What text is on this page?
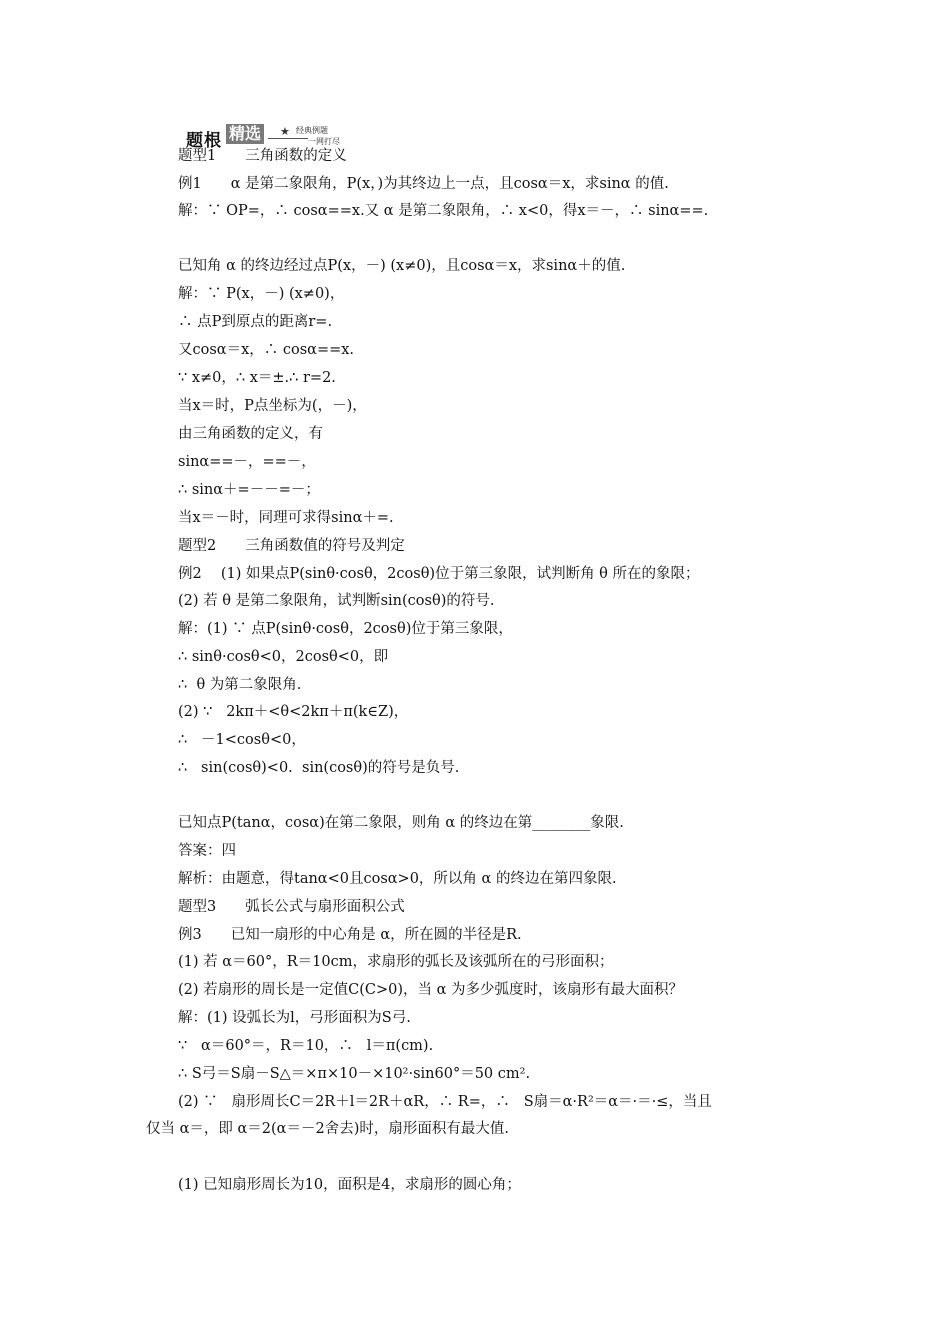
题根 精选 ★ 经典例题
一网打尽
题型1　　三角函数的定义
例1　　α 是第二象限角，P(x，)为其终边上一点，且cosα＝x，求sinα 的值.
解：∵ OP=，∴ cosα==x.又 α 是第二象限角，∴ x<0，得x＝－，∴ sinα==.
已知角 α 的终边经过点P(x，－) (x≠0)，且cosα＝x，求sinα＋的值.
解：∵ P(x，－) (x≠0)，
∴ 点P到原点的距离r=.
又cosα＝x，∴ cosα==x.
∵ x≠0，∴ x＝±.∴ r=2.
当x＝时，P点坐标为(，－)，
由三角函数的定义，有
sinα==－，==－，
∴ sinα＋=－－=－；
当x＝－时，同理可求得sinα＋=.
题型2　　三角函数值的符号及判定
例2　 (1) 如果点P(sinθ·cosθ，2cosθ)位于第三象限，试判断角 θ 所在的象限；
(2) 若 θ 是第二象限角，试判断sin(cosθ)的符号.
解：(1) ∵ 点P(sinθ·cosθ，2cosθ)位于第三象限，
∴ sinθ·cosθ<0，2cosθ<0，即
∴  θ 为第二象限角.
(2) ∵   2kπ＋<θ<2kπ＋π(k∈Z)，
∴   －1<cosθ<0，
∴   sin(cosθ)<0.  sin(cosθ)的符号是负号.
已知点P(tanα，cosα)在第二象限，则角 α 的终边在第________象限.
答案：四
解析：由题意，得tanα<0且cosα>0，所以角 α 的终边在第四象限.
题型3　　弧长公式与扇形面积公式
例3　　已知一扇形的中心角是 α，所在圆的半径是R.
(1) 若 α＝60°，R＝10cm，求扇形的弧长及该弧所在的弓形面积；
(2) 若扇形的周长是一定值C(C>0)，当 α 为多少弧度时，该扇形有最大面积？
解：(1) 设弧长为l，弓形面积为S弓.
∵   α＝60°＝，R＝10，∴   l＝π(cm).
∴ S弓＝S扇－S△＝×π×10－×10²·sin60°＝50 cm².
(2) ∵   扇形周长C＝2R＋l＝2R＋αR，∴ R=，∴   S扇＝α·R²＝α＝·＝·≤，当且
仅当 α＝，即 α＝2(α＝－2舍去)时，扇形面积有最大值.
(1) 已知扇形周长为10，面积是4，求扇形的圆心角；
